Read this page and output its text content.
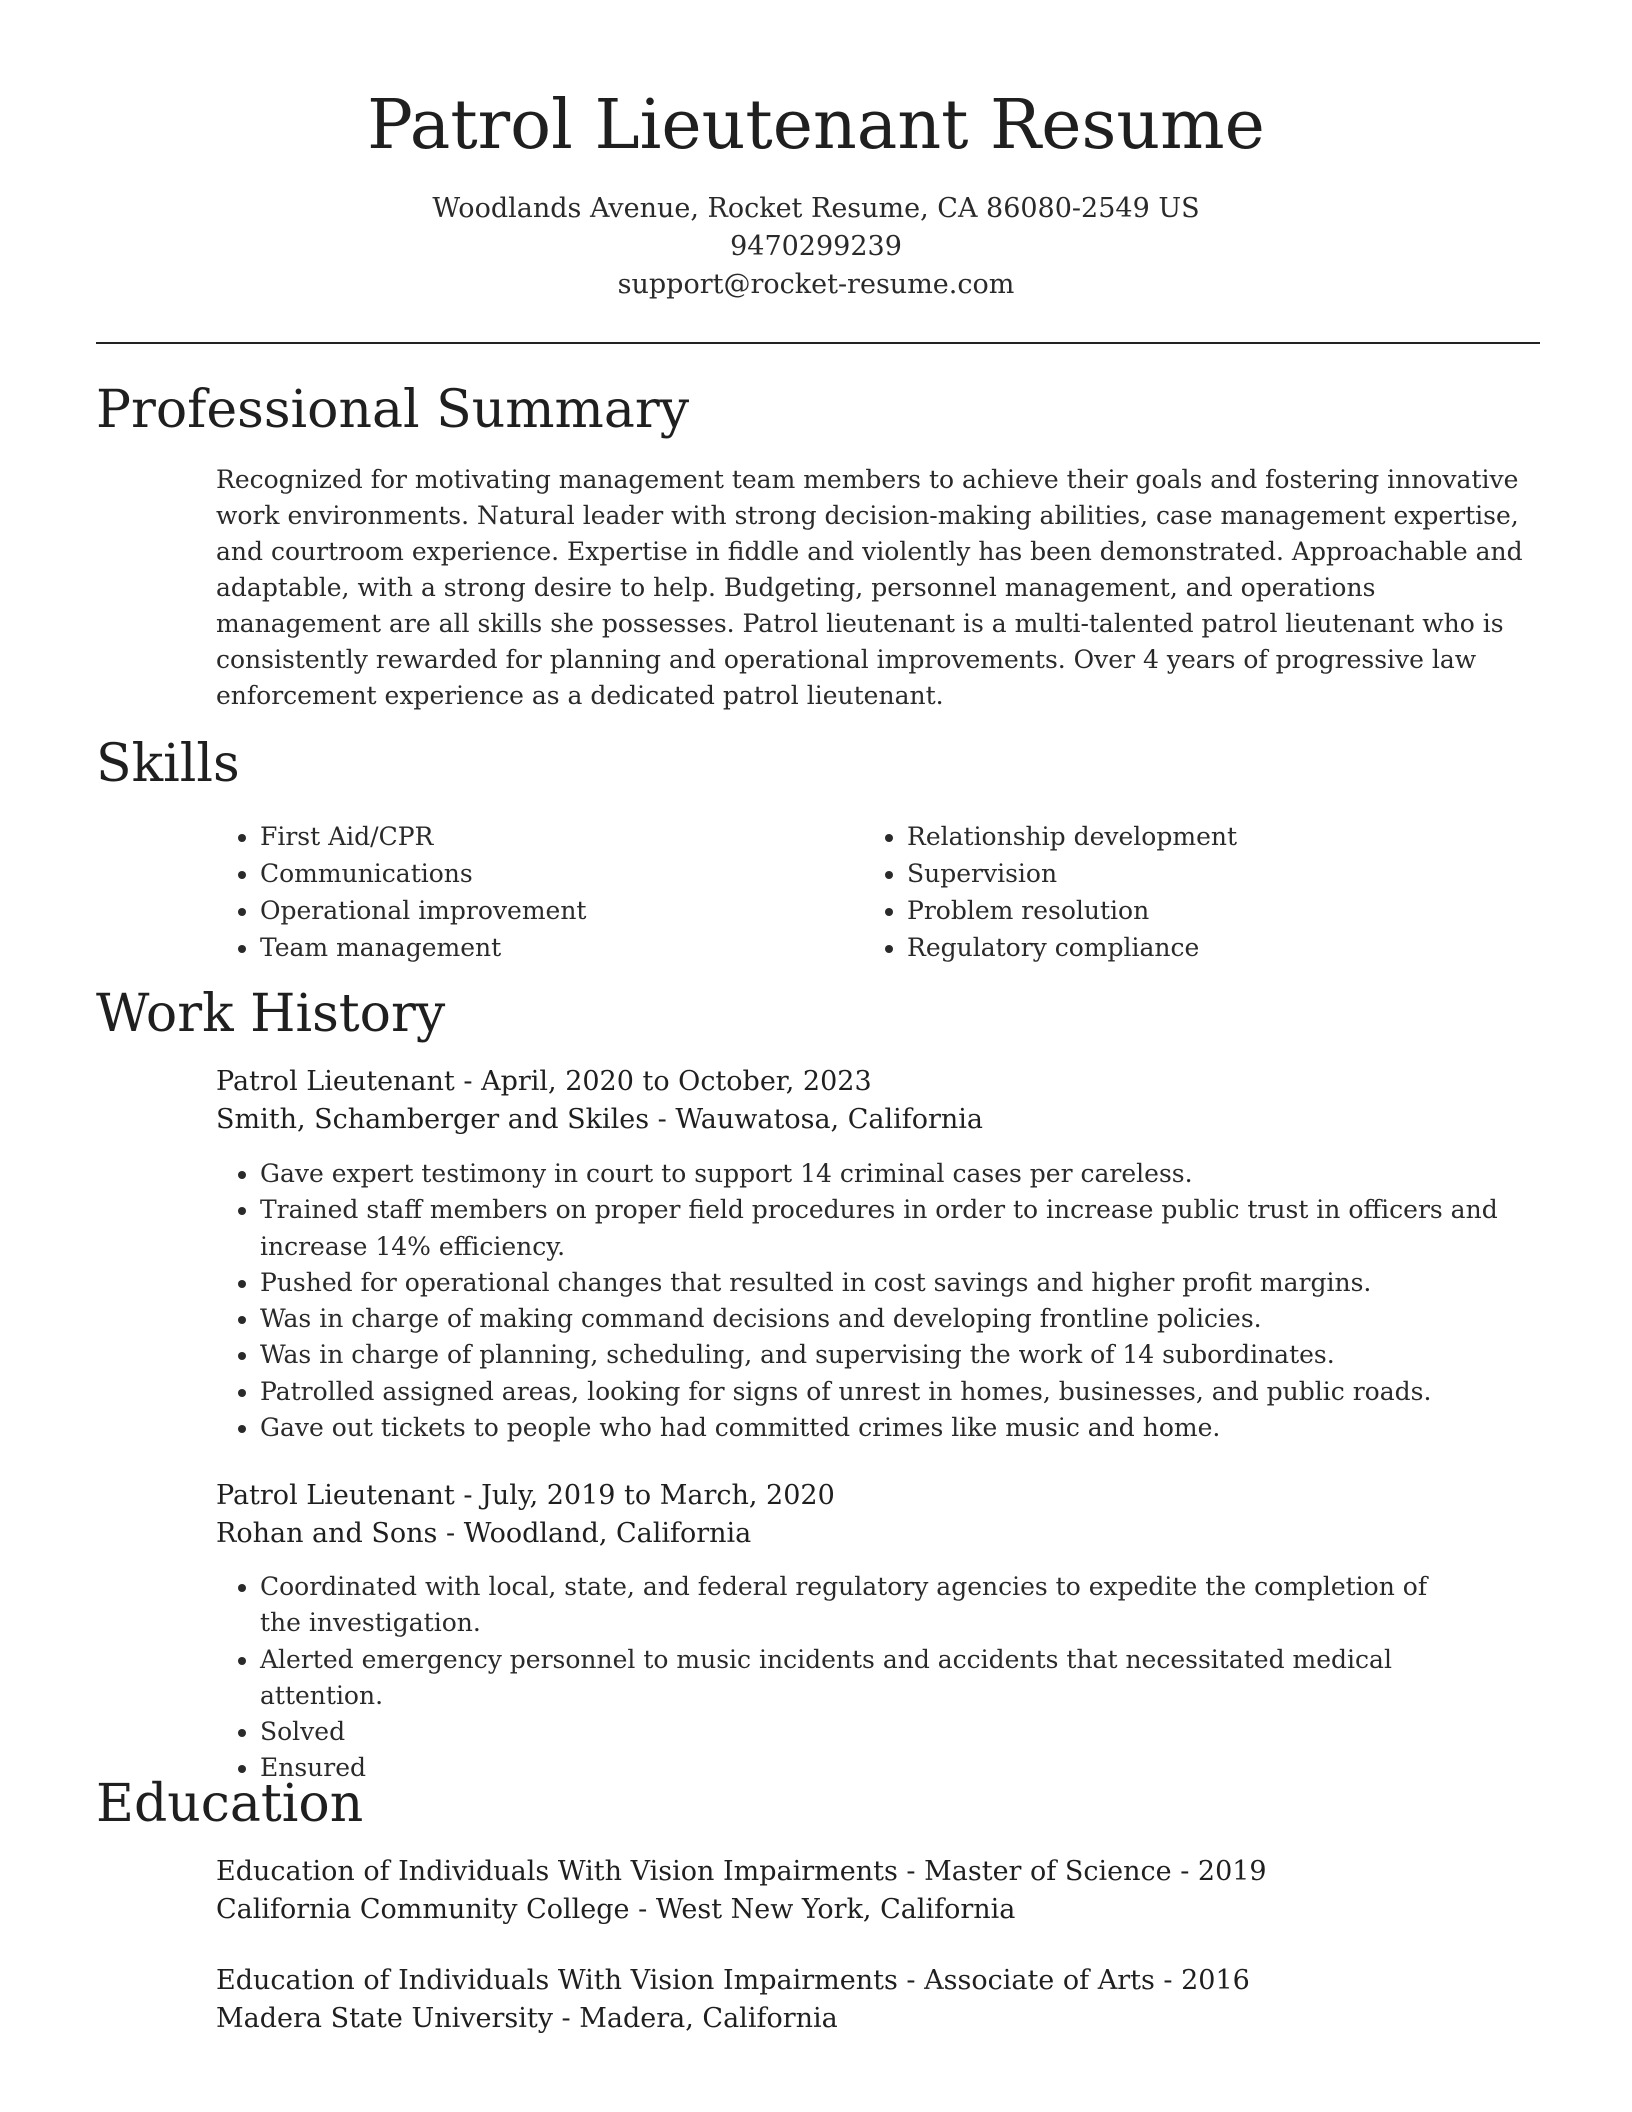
Patrol Lieutenant Resume
Woodlands Avenue, Rocket Resume, CA 86080-2549 US
9470299239
support@rocket-resume.com
Professional Summary

Recognized for motivating management team members to achieve their goals and fostering innovative work environments. Natural leader with strong decision-making abilities, case management expertise, and courtroom experience. Expertise in fiddle and violently has been demonstrated. Approachable and adaptable, with a strong desire to help. Budgeting, personnel management, and operations management are all skills she possesses. Patrol lieutenant is a multi-talented patrol lieutenant who is consistently rewarded for planning and operational improvements. Over 4 years of progressive law enforcement experience as a dedicated patrol lieutenant.

Skills
• First Aid/CPR
• Communications
• Operational improvement
• Team management
• Relationship development
• Supervision
• Problem resolution
• Regulatory compliance
Work History
Patrol Lieutenant - April, 2020 to October, 2023
Smith, Schamberger and Skiles - Wauwatosa, California
• Gave expert testimony in court to support 14 criminal cases per careless.
• Trained staff members on proper field procedures in order to increase public trust in officers and increase 14% efficiency.
• Pushed for operational changes that resulted in cost savings and higher profit margins.
• Was in charge of making command decisions and developing frontline policies.
• Was in charge of planning, scheduling, and supervising the work of 14 subordinates.
• Patrolled assigned areas, looking for signs of unrest in homes, businesses, and public roads.
• Gave out tickets to people who had committed crimes like music and home.
Patrol Lieutenant - July, 2019 to March, 2020
Rohan and Sons - Woodland, California
• Coordinated with local, state, and federal regulatory agencies to expedite the completion of the investigation.
• Alerted emergency personnel to music incidents and accidents that necessitated medical attention.
• Solved
• Ensured
Education
Education of Individuals With Vision Impairments - Master of Science - 2019
California Community College - West New York, California
Education of Individuals With Vision Impairments - Associate of Arts - 2016
Madera State University - Madera, California
